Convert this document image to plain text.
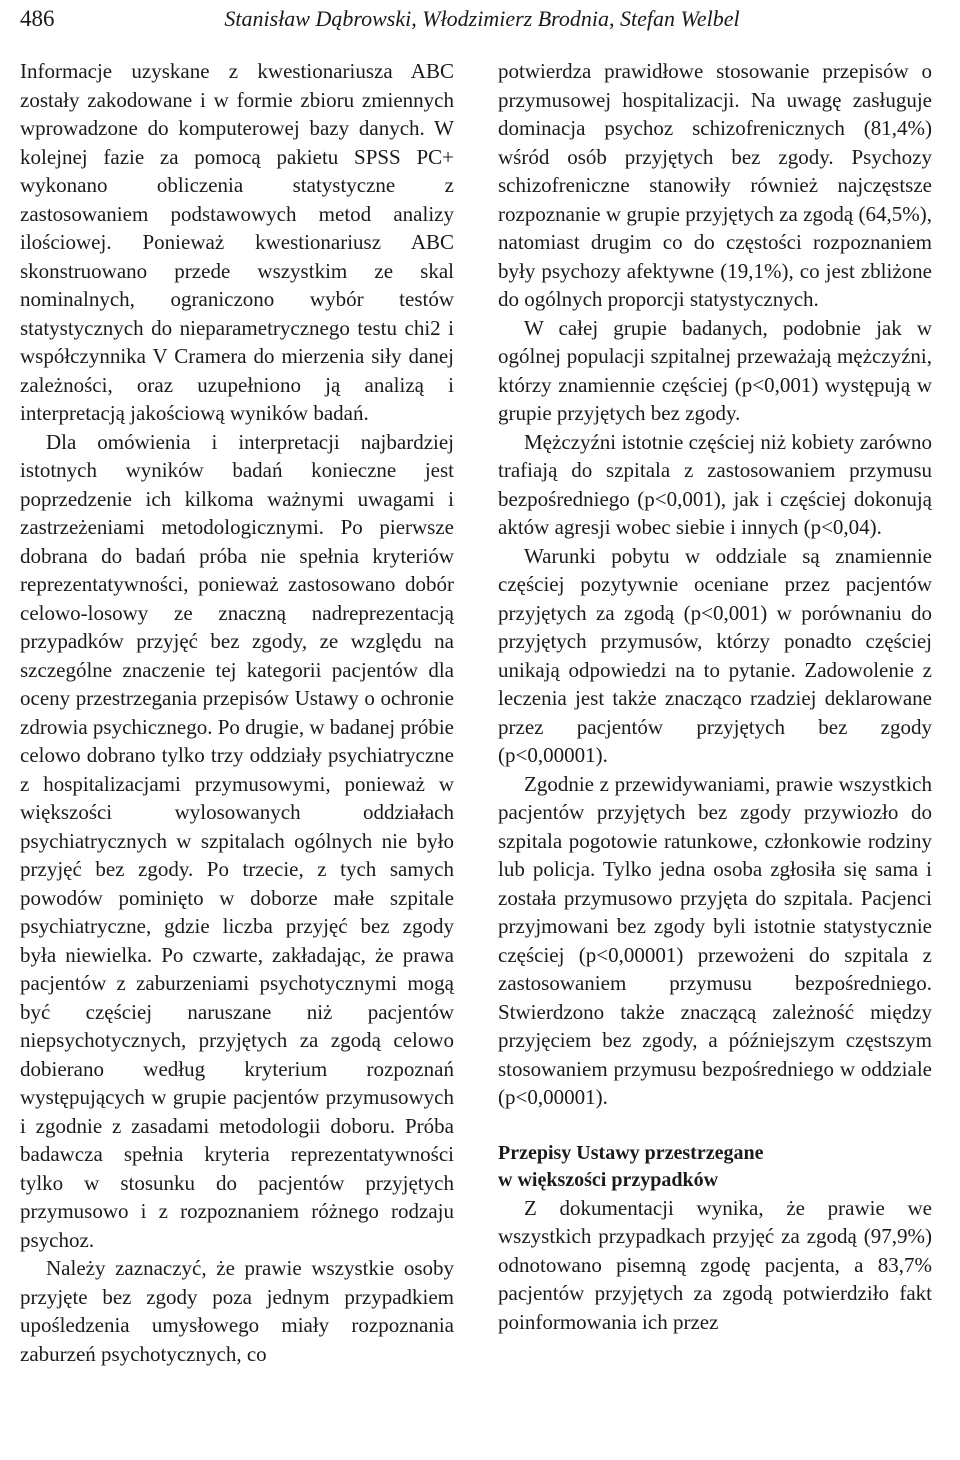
486	Stanisław Dąbrowski, Włodzimierz Brodnia, Stefan Welbel

Informacje uzyskane z kwestionariusza ABC zostały zakodowane i w formie zbioru zmiennych wprowadzone do komputerowej bazy danych. W kolejnej fazie za pomocą pakietu SPSS PC+ wykonano obliczenia statystyczne z zastosowaniem podstawowych metod analizy ilościowej. Ponieważ kwestionariusz ABC skonstruowano przede wszystkim ze skal nominalnych, ograniczono wybór testów statystycznych do nieparametrycznego testu chi2 i współczynnika V Cramera do mierzenia siły danej zależności, oraz uzupełniono ją analizą i interpretacją jakościową wyników badań.

Dla omówienia i interpretacji najbardziej istotnych wyników badań konieczne jest poprzedzenie ich kilkoma ważnymi uwagami i zastrzeżeniami metodologicznymi. Po pierwsze dobrana do badań próba nie spełnia kryteriów reprezentatywności, ponieważ zastosowano dobór celowo-losowy ze znaczną nadreprezentacją przypadków przyjęć bez zgody, ze względu na szczególne znaczenie tej kategorii pacjentów dla oceny przestrzegania przepisów Ustawy o ochronie zdrowia psychicznego. Po drugie, w badanej próbie celowo dobrano tylko trzy oddziały psychiatryczne z hospitalizacjami przymusowymi, ponieważ w większości wylosowanych oddziałach psychiatrycznych w szpitalach ogólnych nie było przyjęć bez zgody. Po trzecie, z tych samych powodów pominięto w doborze małe szpitale psychiatryczne, gdzie liczba przyjęć bez zgody była niewielka. Po czwarte, zakładając, że prawa pacjentów z zaburzeniami psychotycznymi mogą być częściej naruszane niż pacjentów niepsychotycznych, przyjętych za zgodą celowo dobierano według kryterium rozpoznań występujących w grupie pacjentów przymusowych i zgodnie z zasadami metodologii doboru. Próba badawcza spełnia kryteria reprezentatywności tylko w stosunku do pacjentów przyjętych przymusowo i z rozpoznaniem różnego rodzaju psychoz.

Należy zaznaczyć, że prawie wszystkie osoby przyjęte bez zgody poza jednym przypadkiem upośledzenia umysłowego miały rozpoznania zaburzeń psychotycznych, co

potwierdza prawidłowe stosowanie przepisów o przymusowej hospitalizacji. Na uwagę zasługuje dominacja psychoz schizofrenicznych (81,4%) wśród osób przyjętych bez zgody. Psychozy schizofreniczne stanowiły również najczęstsze rozpoznanie w grupie przyjętych za zgodą (64,5%), natomiast drugim co do częstości rozpoznaniem były psychozy afektywne (19,1%), co jest zbliżone do ogólnych proporcji statystycznych.

W całej grupie badanych, podobnie jak w ogólnej populacji szpitalnej przeważają mężczyźni, którzy znamiennie częściej (p<0,001) występują w grupie przyjętych bez zgody.

Mężczyźni istotnie częściej niż kobiety zarówno trafiają do szpitala z zastosowaniem przymusu bezpośredniego (p<0,001), jak i częściej dokonują aktów agresji wobec siebie i innych (p<0,04).

Warunki pobytu w oddziale są znamiennie częściej pozytywnie oceniane przez pacjentów przyjętych za zgodą (p<0,001) w porównaniu do przyjętych przymusów, którzy ponadto częściej unikają odpowiedzi na to pytanie. Zadowolenie z leczenia jest także znacząco rzadziej deklarowane przez pacjentów przyjętych bez zgody (p<0,00001).

Zgodnie z przewidywaniami, prawie wszystkich pacjentów przyjętych bez zgody przywiozło do szpitala pogotowie ratunkowe, członkowie rodziny lub policja. Tylko jedna osoba zgłosiła się sama i została przymusowo przyjęta do szpitala. Pacjenci przyjmowani bez zgody byli istotnie statystycznie częściej (p<0,00001) przewożeni do szpitala z zastosowaniem przymusu bezpośredniego. Stwierdzono także znaczącą zależność między przyjęciem bez zgody, a późniejszym częstszym stosowaniem przymusu bezpośredniego w oddziale (p<0,00001).

Przepisy Ustawy przestrzegane
w większości przypadków

Z dokumentacji wynika, że prawie we wszystkich przypadkach przyjęć za zgodą (97,9%) odnotowano pisemną zgodę pacjenta, a 83,7% pacjentów przyjętych za zgodą potwierdziło fakt poinformowania ich przez
